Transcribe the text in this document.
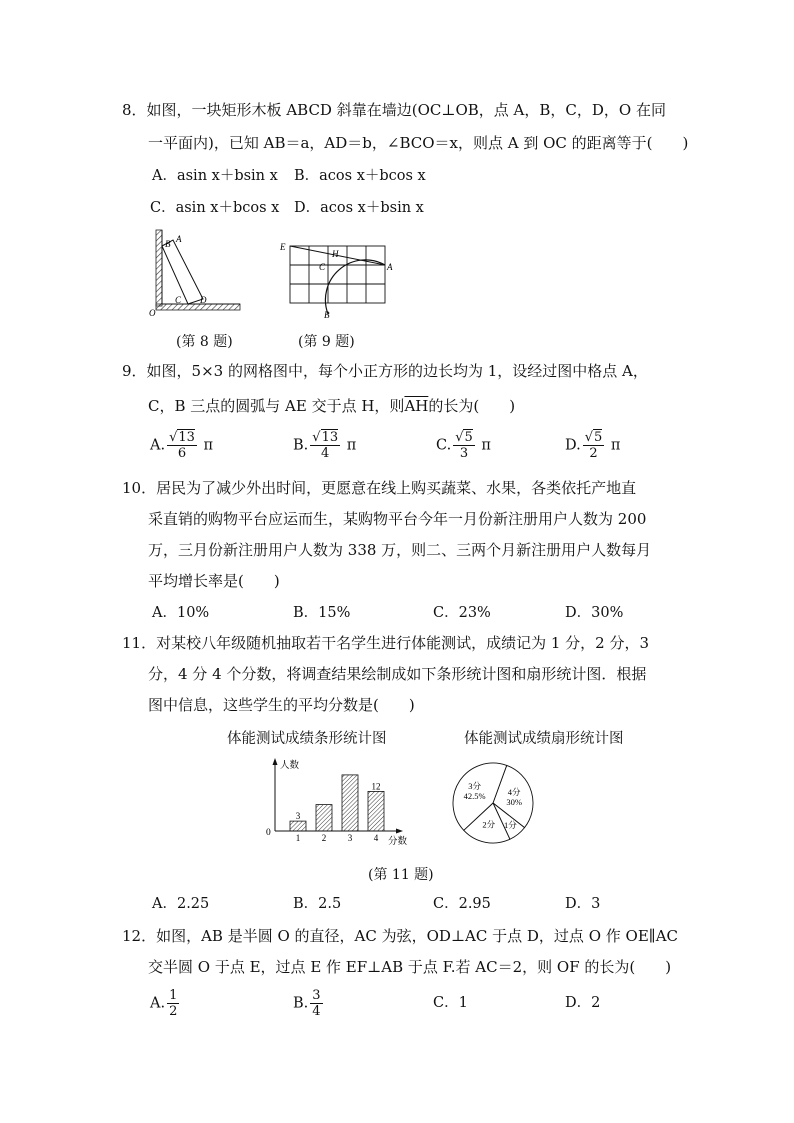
8．如图，一块矩形木板 ABCD 斜靠在墙边(OC⊥OB，点 A，B，C，D，O 在同
一平面内)，已知 AB＝a，AD＝b，∠BCO＝x，则点 A 到 OC 的距离等于(　　)
A．asin x＋bsin x B．acos x＋bcos x
C．asin x＋bcos x D．acos x＋bsin x
B A
C D
O
(第 8 题)
E
H
C	A
B
(第 9 题)
9．如图，5×3 的网格图中，每个小正方形的边长均为 1，设经过图中格点 A，
C，B 三点的圆弧与 AE 交于点 H，则$\overline{AH}$的长为(　　)
A. $\frac{√13}{6}$ π	B. $\frac{√13}{4}$ π	C. $\frac{√5}{3}$ π	D. $\frac{√5}{2}$ π
10．居民为了减少外出时间，更愿意在线上购买蔬菜、水果，各类依托产地直
采直销的购物平台应运而生，某购物平台今年一月份新注册用户人数为 200
万，三月份新注册用户人数为 338 万，则二、三两个月新注册用户人数每月
平均增长率是(　　)
A．10%	B．15%	C．23%	D．30%
11．对某校八年级随机抽取若干名学生进行体能测试，成绩记为 1 分，2 分，3
分，4 分 4 个分数，将调查结果绘制成如下条形统计图和扇形统计图．根据
图中信息，这些学生的平均分数是(　　)
体能测试成绩条形统计图	体能测试成绩扇形统计图
人数
分数
0	1
3
2 3 4
12
4分
30%
1分
2分
3分
42.5%
(第 11 题)
A．2.25	B．2.5	C．2.95	D．3
12．如图，AB 是半圆 O 的直径，AC 为弦，OD⊥AC 于点 D，过点 O 作 OE∥AC
交半圆 O 于点 E，过点 E 作 EF⊥AB 于点 F.若 AC＝2，则 OF 的长为(　　)
A. $\frac{1}{2}$	B. $\frac{3}{4}$	C．1	D．2
